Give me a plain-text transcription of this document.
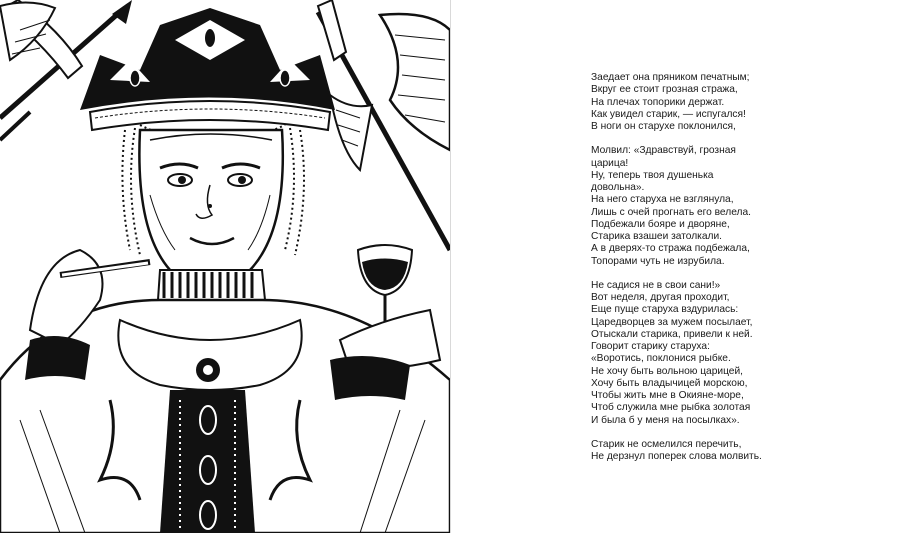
Заедает она пряником печатным;
Вкруг ее стоит грозная стража,
На плечах топорики держат.
Как увидел старик, — испугался!
В ноги он старухе поклонился,
Молвил: «Здравствуй, грозная
царица!
Ну, теперь твоя душенька
довольна».
На него старуха не взглянула,
Лишь с очей прогнать его велела.
Подбежали бояре и дворяне,
Старика взашеи затолкали.
А в дверях-то стража подбежала,
Топорами чуть не изрубила.
Не садися не в свои сани!»
Вот неделя, другая проходит,
Еще пуще старуха вздурилась:
Царедворцев за мужем посылает,
Отыскали старика, привели к ней.
Говорит старику старуха:
«Воротись, поклонися рыбке.
Не хочу быть вольною царицей,
Хочу быть владычицей морскою,
Чтобы жить мне в Окияне-море,
Чтоб служила мне рыбка золотая
И была б у меня на посылках».
Старик не осмелился перечить,
Не дерзнул поперек слова молвить.
